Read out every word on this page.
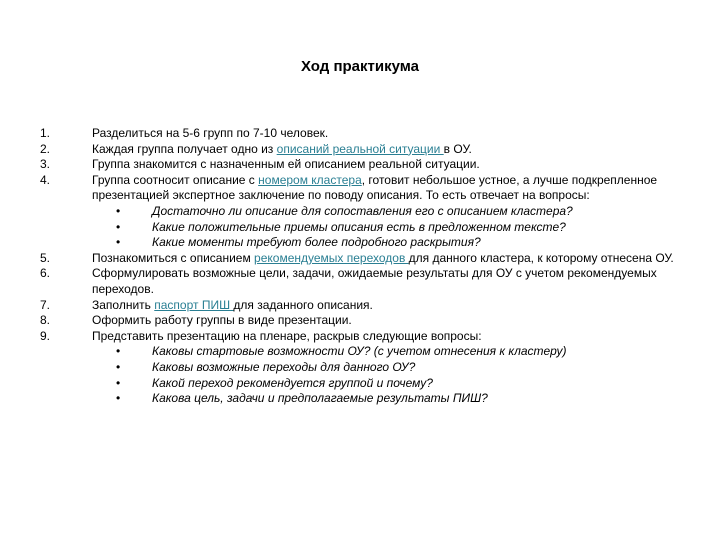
Ход практикума
1.	Разделиться на 5-6 групп по 7-10 человек.
2.	Каждая группа получает одно из описаний реальной ситуации в ОУ.
3.	Группа знакомится с назначенным ей описанием реальной ситуации.
4.	Группа соотносит описание с номером кластера, готовит небольшое устное, а лучше подкрепленное презентацией экспертное заключение по поводу описания. То есть отвечает на вопросы:
•	Достаточно ли описание для сопоставления его с описанием кластера?
•	Какие положительные приемы описания есть в предложенном тексте?
•	Какие моменты требуют более подробного раскрытия?
5.	Познакомиться с описанием рекомендуемых переходов для данного кластера, к которому отнесена ОУ.
6.	Сформулировать возможные цели, задачи, ожидаемые результаты для ОУ с учетом рекомендуемых переходов.
7.	Заполнить паспорт ПИШ для заданного описания.
8.	Оформить работу группы в виде презентации.
9.	Представить презентацию на пленаре, раскрыв следующие вопросы:
•	Каковы стартовые возможности ОУ? (с учетом отнесения к кластеру)
•	Каковы возможные переходы для данного ОУ?
•	Какой переход рекомендуется группой и почему?
•	Какова цель, задачи и предполагаемые результаты ПИШ?
